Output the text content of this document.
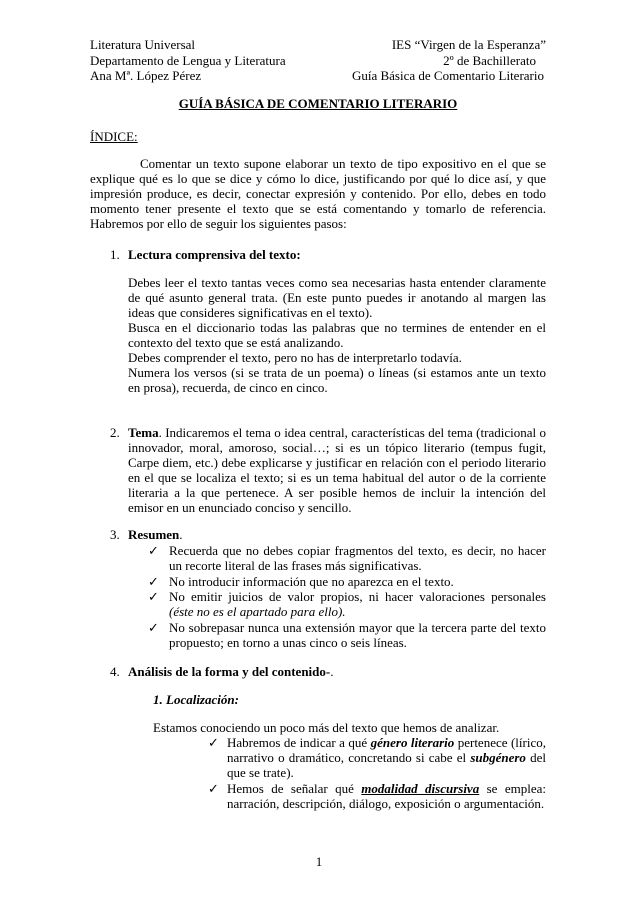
Literatura Universal	IES “Virgen de la Esperanza”
Departamento de Lengua y Literatura	2º de Bachillerato
Ana Mª. López Pérez	Guía Básica de Comentario Literario
GUÍA BÁSICA DE COMENTARIO LITERARIO
ÍNDICE:
Comentar un texto supone elaborar un texto de tipo expositivo en el que se explique qué es lo que se dice y cómo lo dice, justificando por qué lo dice así, y que impresión produce, es decir, conectar expresión y contenido. Por ello, debes en todo momento tener presente el texto que se está comentando y tomarlo de referencia. Habremos por ello de seguir los siguientes pasos:
1. Lectura comprensiva del texto:
Debes leer el texto tantas veces como sea necesarias hasta entender claramente de qué asunto general trata. (En este punto puedes ir anotando al margen las ideas que consideres significativas en el texto).
Busca en el diccionario todas las palabras que no termines de entender en el contexto del texto que se está analizando.
Debes comprender el texto, pero no has de interpretarlo todavía.
Numera los versos (si se trata de un poema) o líneas (si estamos ante un texto en prosa), recuerda, de cinco en cinco.
2. Tema. Indicaremos el tema o idea central, características del tema (tradicional o innovador, moral, amoroso, social…; si es un tópico literario (tempus fugit, Carpe diem, etc.) debe explicarse y justificar en relación con el periodo literario en el que se localiza el texto; si es un tema habitual del autor o de la corriente literaria a la que pertenece. A ser posible hemos de incluir la intención del emisor en un enunciado conciso y sencillo.
3. Resumen.
✓ Recuerda que no debes copiar fragmentos del texto, es decir, no hacer un recorte literal de las frases más significativas.
✓ No introducir información que no aparezca en el texto.
✓ No emitir juicios de valor propios, ni hacer valoraciones personales (éste no es el apartado para ello).
✓ No sobrepasar nunca una extensión mayor que la tercera parte del texto propuesto; en torno a unas cinco o seis líneas.
4. Análisis de la forma y del contenido-.
1. Localización:
Estamos conociendo un poco más del texto que hemos de analizar.
✓ Habremos de indicar a qué género literario pertenece (lírico, narrativo o dramático, concretando si cabe el subgénero del que se trate).
✓ Hemos de señalar qué modalidad discursiva se emplea: narración, descripción, diálogo, exposición o argumentación.
1
